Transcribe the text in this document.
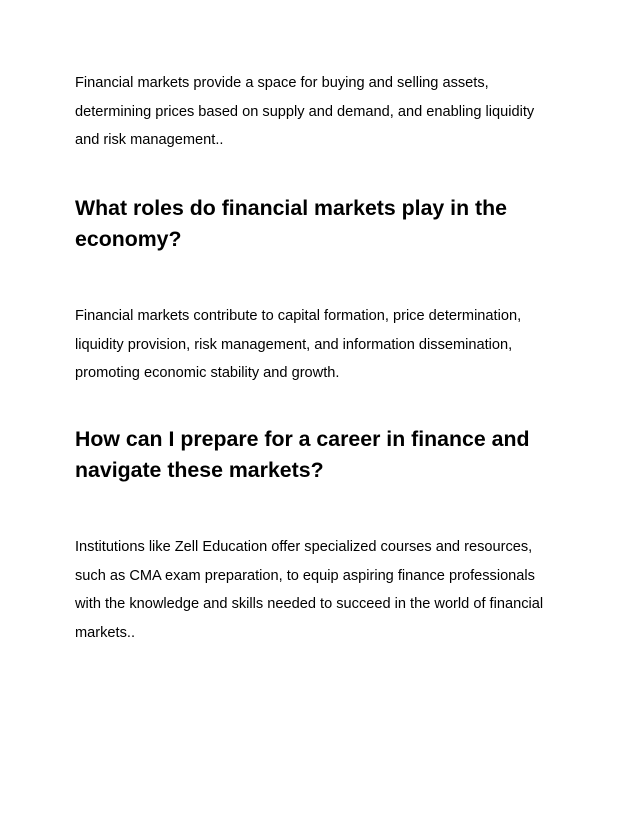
Financial markets provide a space for buying and selling assets,
determining prices based on supply and demand, and enabling liquidity
and risk management..

What roles do financial markets play in the
economy?

Financial markets contribute to capital formation, price determination,
liquidity provision, risk management, and information dissemination,
promoting economic stability and growth.

How can I prepare for a career in finance and
navigate these markets?

Institutions like Zell Education offer specialized courses and resources,
such as CMA exam preparation, to equip aspiring finance professionals
with the knowledge and skills needed to succeed in the world of financial
markets..
